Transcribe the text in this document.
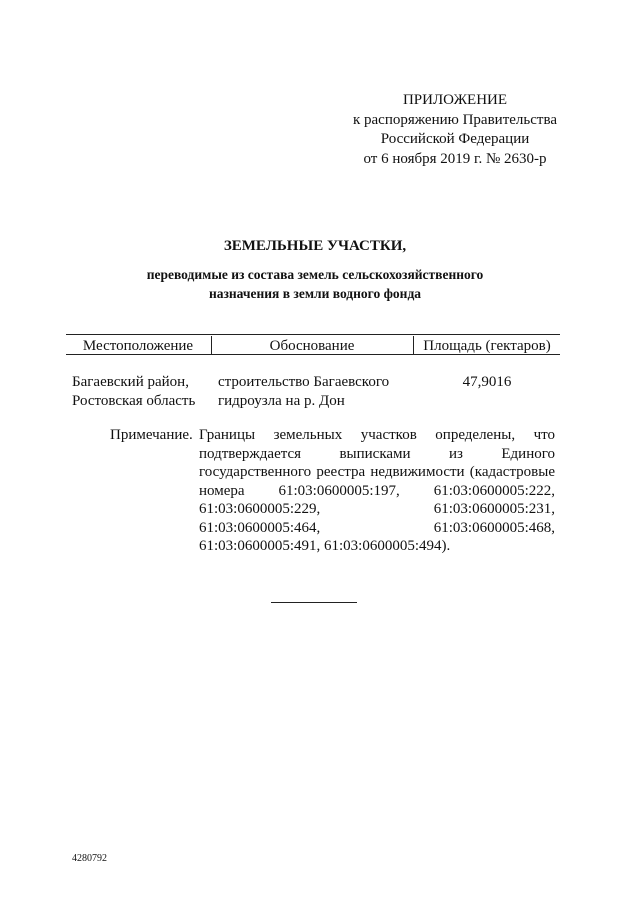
ПРИЛОЖЕНИЕ
к распоряжению Правительства
Российской Федерации
от 6 ноября 2019 г. № 2630-р
ЗЕМЕЛЬНЫЕ УЧАСТКИ,
переводимые из состава земель сельскохозяйственного
назначения в земли водного фонда
Местоположение	Обоснование	Площадь (гектаров)
Багаевский район,
Ростовская область
строительство Багаевского
гидроузла на р. Дон
47,9016
Примечание. Границы земельных участков определены, что подтверждается выписками из Единого государственного реестра недвижимости (кадастровые номера 61:03:0600005:197, 61:03:0600005:222, 61:03:0600005:229, 61:03:0600005:231, 61:03:0600005:464, 61:03:0600005:468, 61:03:0600005:491, 61:03:0600005:494).
4280792
